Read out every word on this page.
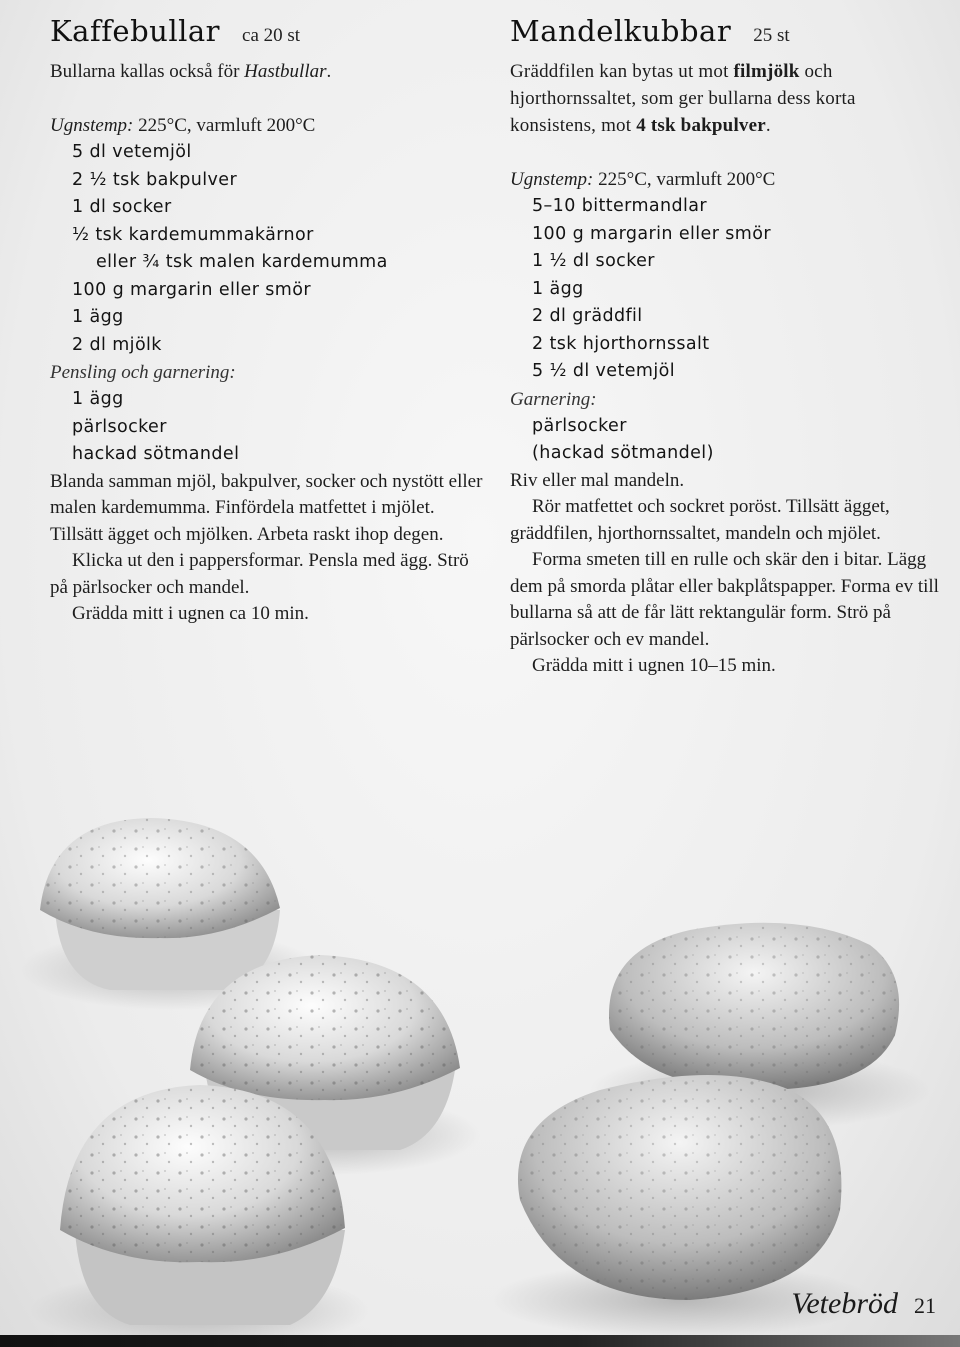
Kaffebullar ca 20 st

Bullarna kallas också för Hastbullar.

Ugnstemp: 225°C, varmluft 200°C

5 dl vetemjöl
2 ½ tsk bakpulver
1 dl socker
½ tsk kardemummakärnor
eller ¾ tsk malen kardemumma
100 g margarin eller smör
1 ägg
2 dl mjölk
Pensling och garnering:
1 ägg
pärlsocker
hackad sötmandel

Blanda samman mjöl, bakpulver, socker och nystött eller malen kardemumma. Finfördela matfettet i mjölet. Tillsätt ägget och mjölken. Arbeta raskt ihop degen.

Klicka ut den i pappersformar. Pensla med ägg. Strö på pärlsocker och mandel.

Grädda mitt i ugnen ca 10 min.

Mandelkubbar 25 st

Gräddfilen kan bytas ut mot filmjölk och hjorthornssaltet, som ger bullarna dess korta konsistens, mot 4 tsk bakpulver.

Ugnstemp: 225°C, varmluft 200°C

5–10 bittermandlar
100 g margarin eller smör
1 ½ dl socker
1 ägg
2 dl gräddfil
2 tsk hjorthornssalt
5 ½ dl vetemjöl
Garnering:
pärlsocker
(hackad sötmandel)

Riv eller mal mandeln.

Rör matfettet och sockret poröst. Tillsätt ägget, gräddfilen, hjorthornssaltet, mandeln och mjölet.

Forma smeten till en rulle och skär den i bitar. Lägg dem på smorda plåtar eller bakplåtspapper. Forma ev till bullarna så att de får lätt rektangulär form. Strö på pärlsocker och ev mandel.

Grädda mitt i ugnen 10–15 min.

Vetebröd 21
